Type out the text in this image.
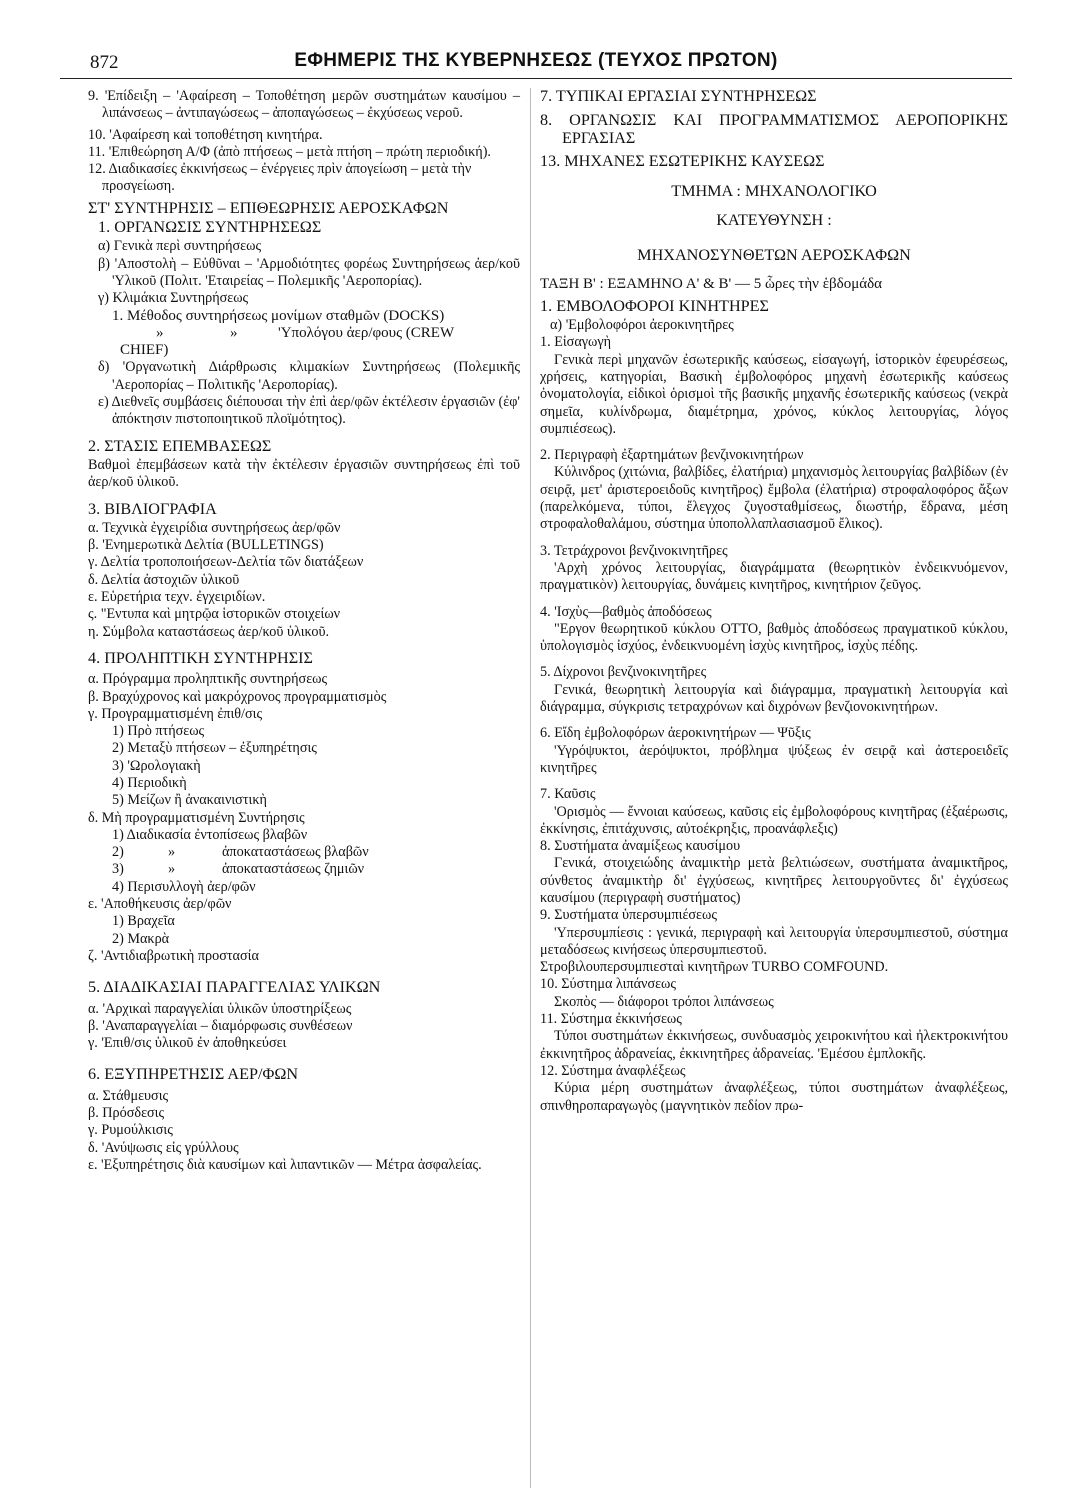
872	ΕΦΗΜΕΡΙΣ ΤΗΣ ΚΥΒΕΡΝΗΣΕΩΣ (ΤΕΥΧΟΣ ΠΡΩΤΟΝ)

9. 'Επίδειξη – 'Αφαίρεση – Τοποθέτηση μερῶν συστημάτων καυσίμου – λιπάνσεως – ἀντιπαγώσεως – ἀποπαγώσεως – ἐκχύσεως νεροῦ.

10. 'Αφαίρεση καὶ τοποθέτηση κινητήρα.

11. 'Επιθεώρηση Α/Φ (ἀπὸ πτήσεως – μετὰ πτήση – πρώτη περιοδική).

12. Διαδικασίες ἐκκινήσεως – ἐνέργειες πρὶν ἀπογείωση – μετὰ τὴν προσγείωση.

ΣΤ' ΣΥΝΤΗΡΗΣΙΣ – ΕΠΙΘΕΩΡΗΣΙΣ ΑΕΡΟΣΚΑΦΩΝ

1. ΟΡΓΑΝΩΣΙΣ ΣΥΝΤΗΡΗΣΕΩΣ

α) Γενικὰ περὶ συντηρήσεως

β) 'Αποστολὴ – Εὐθῦναι – 'Αρμοδιότητες φορέως Συντηρήσεως ἀερ/κοῦ 'Υλικοῦ (Πολιτ. 'Εταιρείας – Πολεμικῆς 'Αεροπορίας).

γ) Κλιμάκια Συντηρήσεως

1. Μέθοδος συντηρήσεως μονίμων σταθμῶν (DOCKS)

»	»	'Υπολόγου ἀερ/φους (CREW

CHIEF)

δ) 'Οργανωτικὴ Διάρθρωσις κλιμακίων Συντηρήσεως (Πολεμικῆς 'Αεροπορίας – Πολιτικῆς 'Αεροπορίας).

ε) Διεθνεῖς συμβάσεις διέπουσαι τὴν ἐπὶ ἀερ/φῶν ἐκτέλεσιν ἐργασιῶν (ἐφ' ἀπόκτησιν πιστοποιητικοῦ πλοϊμότητος).

2. ΣΤΑΣΙΣ ΕΠΕΜΒΑΣΕΩΣ

Βαθμοὶ ἐπεμβάσεων κατὰ τὴν ἐκτέλεσιν ἐργασιῶν συντηρήσεως ἐπὶ τοῦ ἀερ/κοῦ ὑλικοῦ.

3. ΒΙΒΛΙΟΓΡΑΦΙΑ

α. Τεχνικὰ ἐγχειρίδια συντηρήσεως ἀερ/φῶν

β. 'Ενημερωτικὰ Δελτία (BULLETINGS)

γ. Δελτία τροποποιήσεων-Δελτία τῶν διατάξεων

δ. Δελτία ἀστοχιῶν ὑλικοῦ

ε. Εὑρετήρια τεχν. ἐγχειριδίων.

ς. "Εντυπα καὶ μητρῷα ἱστορικῶν στοιχείων

η. Σύμβολα καταστάσεως ἀερ/κοῦ ὑλικοῦ.

4. ΠΡΟΛΗΠΤΙΚΗ ΣΥΝΤΗΡΗΣΙΣ

α. Πρόγραμμα προληπτικῆς συντηρήσεως

β. Βραχύχρονος καὶ μακρόχρονος προγραμματισμὸς

γ. Προγραμματισμένη ἐπιθ/σις

1) Πρὸ πτήσεως

2) Μεταξὺ πτήσεων – ἐξυπηρέτησις

3) 'Ωρολογιακὴ

4) Περιοδικὴ

5) Μείζων ἢ ἀνακαινιστικὴ

δ. Μὴ προγραμματισμένη Συντήρησις

1) Διαδικασία ἐντοπίσεως βλαβῶν

2)	»	ἀποκαταστάσεως βλαβῶν

3)	»	ἀποκαταστάσεως ζημιῶν

4) Περισυλλογὴ ἀερ/φῶν

ε. 'Αποθήκευσις ἀερ/φῶν

1) Βραχεῖα

2) Μακρὰ

ζ. 'Αντιδιαβρωτικὴ προστασία

5. ΔΙΑΔΙΚΑΣΙΑΙ ΠΑΡΑΓΓΕΛΙΑΣ ΥΛΙΚΩΝ

α. 'Αρχικαὶ παραγγελίαι ὑλικῶν ὑποστηρίξεως

β. 'Αναπαραγγελίαι – διαμόρφωσις συνθέσεων

γ. 'Επιθ/σις ὑλικοῦ ἐν ἀποθηκεύσει

6. ΕΞΥΠΗΡΕΤΗΣΙΣ ΑΕΡ/ΦΩΝ

α. Στάθμευσις

β. Πρόσδεσις

γ. Ρυμούλκισις

δ. 'Ανύψωσις εἰς γρύλλους

ε. 'Εξυπηρέτησις διὰ καυσίμων καὶ λιπαντικῶν — Μέτρα ἀσφαλείας.

7. ΤΥΠΙΚΑΙ ΕΡΓΑΣΙΑΙ ΣΥΝΤΗΡΗΣΕΩΣ

8. ΟΡΓΑΝΩΣΙΣ ΚΑΙ ΠΡΟΓΡΑΜΜΑΤΙΣΜΟΣ ΑΕΡΟΠΟΡΙΚΗΣ ΕΡΓΑΣΙΑΣ

13. ΜΗΧΑΝΕΣ ΕΣΩΤΕΡΙΚΗΣ ΚΑΥΣΕΩΣ

ΤΜΗΜΑ : ΜΗΧΑΝΟΛΟΓΙΚΟ

ΚΑΤΕΥΘΥΝΣΗ :

ΜΗΧΑΝΟΣΥΝΘΕΤΩΝ ΑΕΡΟΣΚΑΦΩΝ

ΤΑΞΗ Β' : ΕΞΑΜΗΝΟ Α' & Β' — 5 ὧρες τὴν ἑβδομάδα

1. ΕΜΒΟΛΟΦΟΡΟΙ ΚΙΝΗΤΗΡΕΣ

α) 'Εμβολοφόροι ἀεροκινητῆρες

1. Εἰσαγωγὴ

Γενικὰ περὶ μηχανῶν ἐσωτερικῆς καύσεως, εἰσαγωγή, ἱστορικὸν ἐφευρέσεως, χρήσεις, κατηγορίαι, Βασικὴ ἐμβολοφόρος μηχανὴ ἐσωτερικῆς καύσεως ὀνοματολογία, εἰδικοὶ ὁρισμοὶ τῆς βασικῆς μηχανῆς ἐσωτερικῆς καύσεως (νεκρὰ σημεῖα, κυλίνδρωμα, διαμέτρημα, χρόνος, κύκλος λειτουργίας, λόγος συμπιέσεως).

2. Περιγραφὴ ἐξαρτημάτων βενζινοκινητήρων

Κύλινδρος (χιτώνια, βαλβίδες, ἐλατήρια) μηχανισμὸς λειτουργίας βαλβίδων (ἐν σειρᾷ, μετ' ἀριστεροειδοῦς κινητῆρος) ἔμβολα (ἐλατήρια) στροφαλοφόρος ἄξων (παρελκόμενα, τύποι, ἔλεγχος ζυγοσταθμίσεως, διωστήρ, ἕδρανα, μέση στροφαλοθαλάμου, σύστημα ὑποπολλαπλασιασμοῦ ἔλικος).

3. Τετράχρονοι βενζινοκινητῆρες

'Αρχὴ χρόνος λειτουργίας, διαγράμματα (θεωρητικὸν ἐνδεικνυόμενον, πραγματικὸν) λειτουργίας, δυνάμεις κινητῆρος, κινητήριον ζεῦγος.

4. 'Ισχὺς—βαθμὸς ἀποδόσεως

"Εργον θεωρητικοῦ κύκλου ΟΤΤΟ, βαθμὸς ἀποδόσεως πραγματικοῦ κύκλου, ὑπολογισμὸς ἰσχύος, ἐνδεικνυομένη ἰσχὺς κινητῆρος, ἰσχὺς πέδης.

5. Δίχρονοι βενζινοκινητῆρες

Γενικά, θεωρητικὴ λειτουργία καὶ διάγραμμα, πραγματικὴ λειτουργία καὶ διάγραμμα, σύγκρισις τετραχρόνων καὶ διχρόνων βενζιονοκινητήρων.

6. Εἴδη ἐμβολοφόρων ἀεροκινητήρων — Ψῦξις

'Υγρόψυκτοι, ἀερόψυκτοι, πρόβλημα ψύξεως ἐν σειρᾷ καὶ ἀστεροειδεῖς κινητῆρες

7. Καῦσις

'Ορισμὸς — ἔννοιαι καύσεως, καῦσις εἰς ἐμβολοφόρους κινητῆρας (ἐξαέρωσις, ἐκκίνησις, ἐπιτάχυνσις, αὐτοέκρηξις, προανάφλεξις)

8. Συστήματα ἀναμίξεως καυσίμου

Γενικά, στοιχειώδης ἀναμικτὴρ μετὰ βελτιώσεων, συστήματα ἀναμικτῆρος, σύνθετος ἀναμικτὴρ δι' ἐγχύσεως, κινητῆρες λειτουργοῦντες δι' ἐγχύσεως καυσίμου (περιγραφὴ συστήματος)

9. Συστήματα ὑπερσυμπιέσεως

'Υπερσυμπίεσις : γενικά, περιγραφὴ καὶ λειτουργία ὑπερσυμπιεστοῦ, σύστημα μεταδόσεως κινήσεως ὑπερσυμπιεστοῦ.

Στροβιλουπερσυμπιεσταὶ κινητῆρων TURBO COMFOUND.

10. Σύστημα λιπάνσεως

Σκοπὸς — διάφοροι τρόποι λιπάνσεως

11. Σύστημα ἐκκινήσεως

Τύποι συστημάτων ἐκκινήσεως, συνδυασμὸς χειροκινήτου καὶ ἠλεκτροκινήτου ἐκκινητῆρος ἀδρανείας, ἐκκινητῆρες ἀδρανείας. 'Εμέσου ἐμπλοκῆς.

12. Σύστημα ἀναφλέξεως

Κύρια μέρη συστημάτων ἀναφλέξεως, τύποι συστημάτων ἀναφλέξεως, σπινθηροπαραγωγὸς (μαγνητικὸν πεδίον πρω-
